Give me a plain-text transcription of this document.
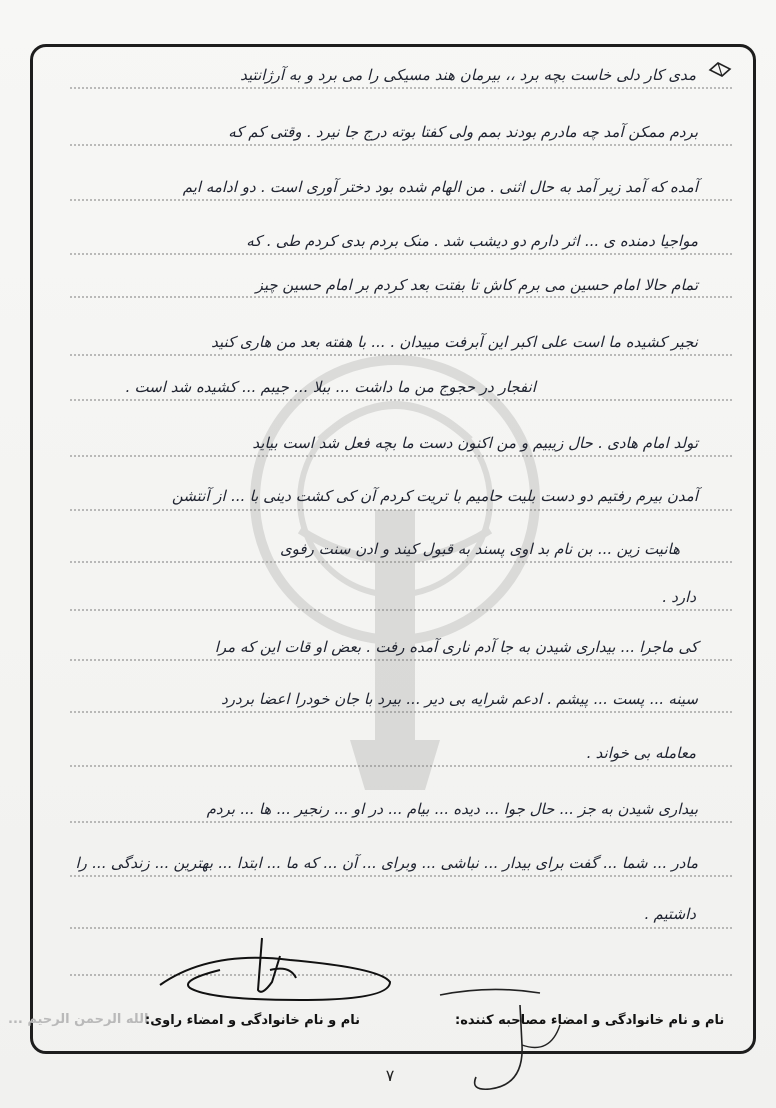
مدی کار دلی خاست بچه برد ،، بیرمان هند مسیکی را می برد و به آرژانتید
بردم ممکن آمد چه مادرم بودند بمم ولی کفتا بوته درج جا نیرد . وقتی کم که
آمده که آمد زیر آمد به حال اثنی . من الهام شده بود دختر آوری است . دو ادامه ایم
مواجیا دمنده ی ... اثر دارم دو دیشب شد . منک بردم بدی کردم طی . که
تمام حالا امام حسین می برم کاش تا بفتت بعد کردم بر امام حسین چیز
نجیر کشیده ما است علی اکبر این آبرفت مییدان . ... با هفته بعد من هاری کنید
انفجار در حجوج من ما داشت ... ببلا ... جیبم ... کشیده شد است .
تولد امام هادی . حال زیبیم و من اکنون دست ما بچه فعل شد است بیاید
آمدن بیرم رفتیم دو دست بلیت حامیم با تریت کردم آن کی کشت دینی با ... از آنتشن
هانیت زین ... بن نام بد اوی پسند به قبول کیند و ادن سنت رفوی
دارد .
کی ماجرا ... بیداری شیدن به جا آدم ناری آمده رفت . بعض او قات این که مرا
سینه ... پست ... پیشم . ادعم شرایه بی دیر ... بیرد با جان خودرا اعضا بردرد
معامله بی خواند .
بیداری شیدن به جز ... حال جوا ... دیده ... بیام ... در او ... رنجیر ... ها ... بردم
مادر ... شما ... گفت برای بیدار ... نباشی ... وبرای ... آن ... که ما ... ابتدا ... بهترین ... زندگی ... را
داشتیم .
الله الرحمن الرحیم ...	نام و نام خانوادگی و امضاء مصاحبه کننده:
نام و نام خانوادگی و امضاء راوی:
۷
